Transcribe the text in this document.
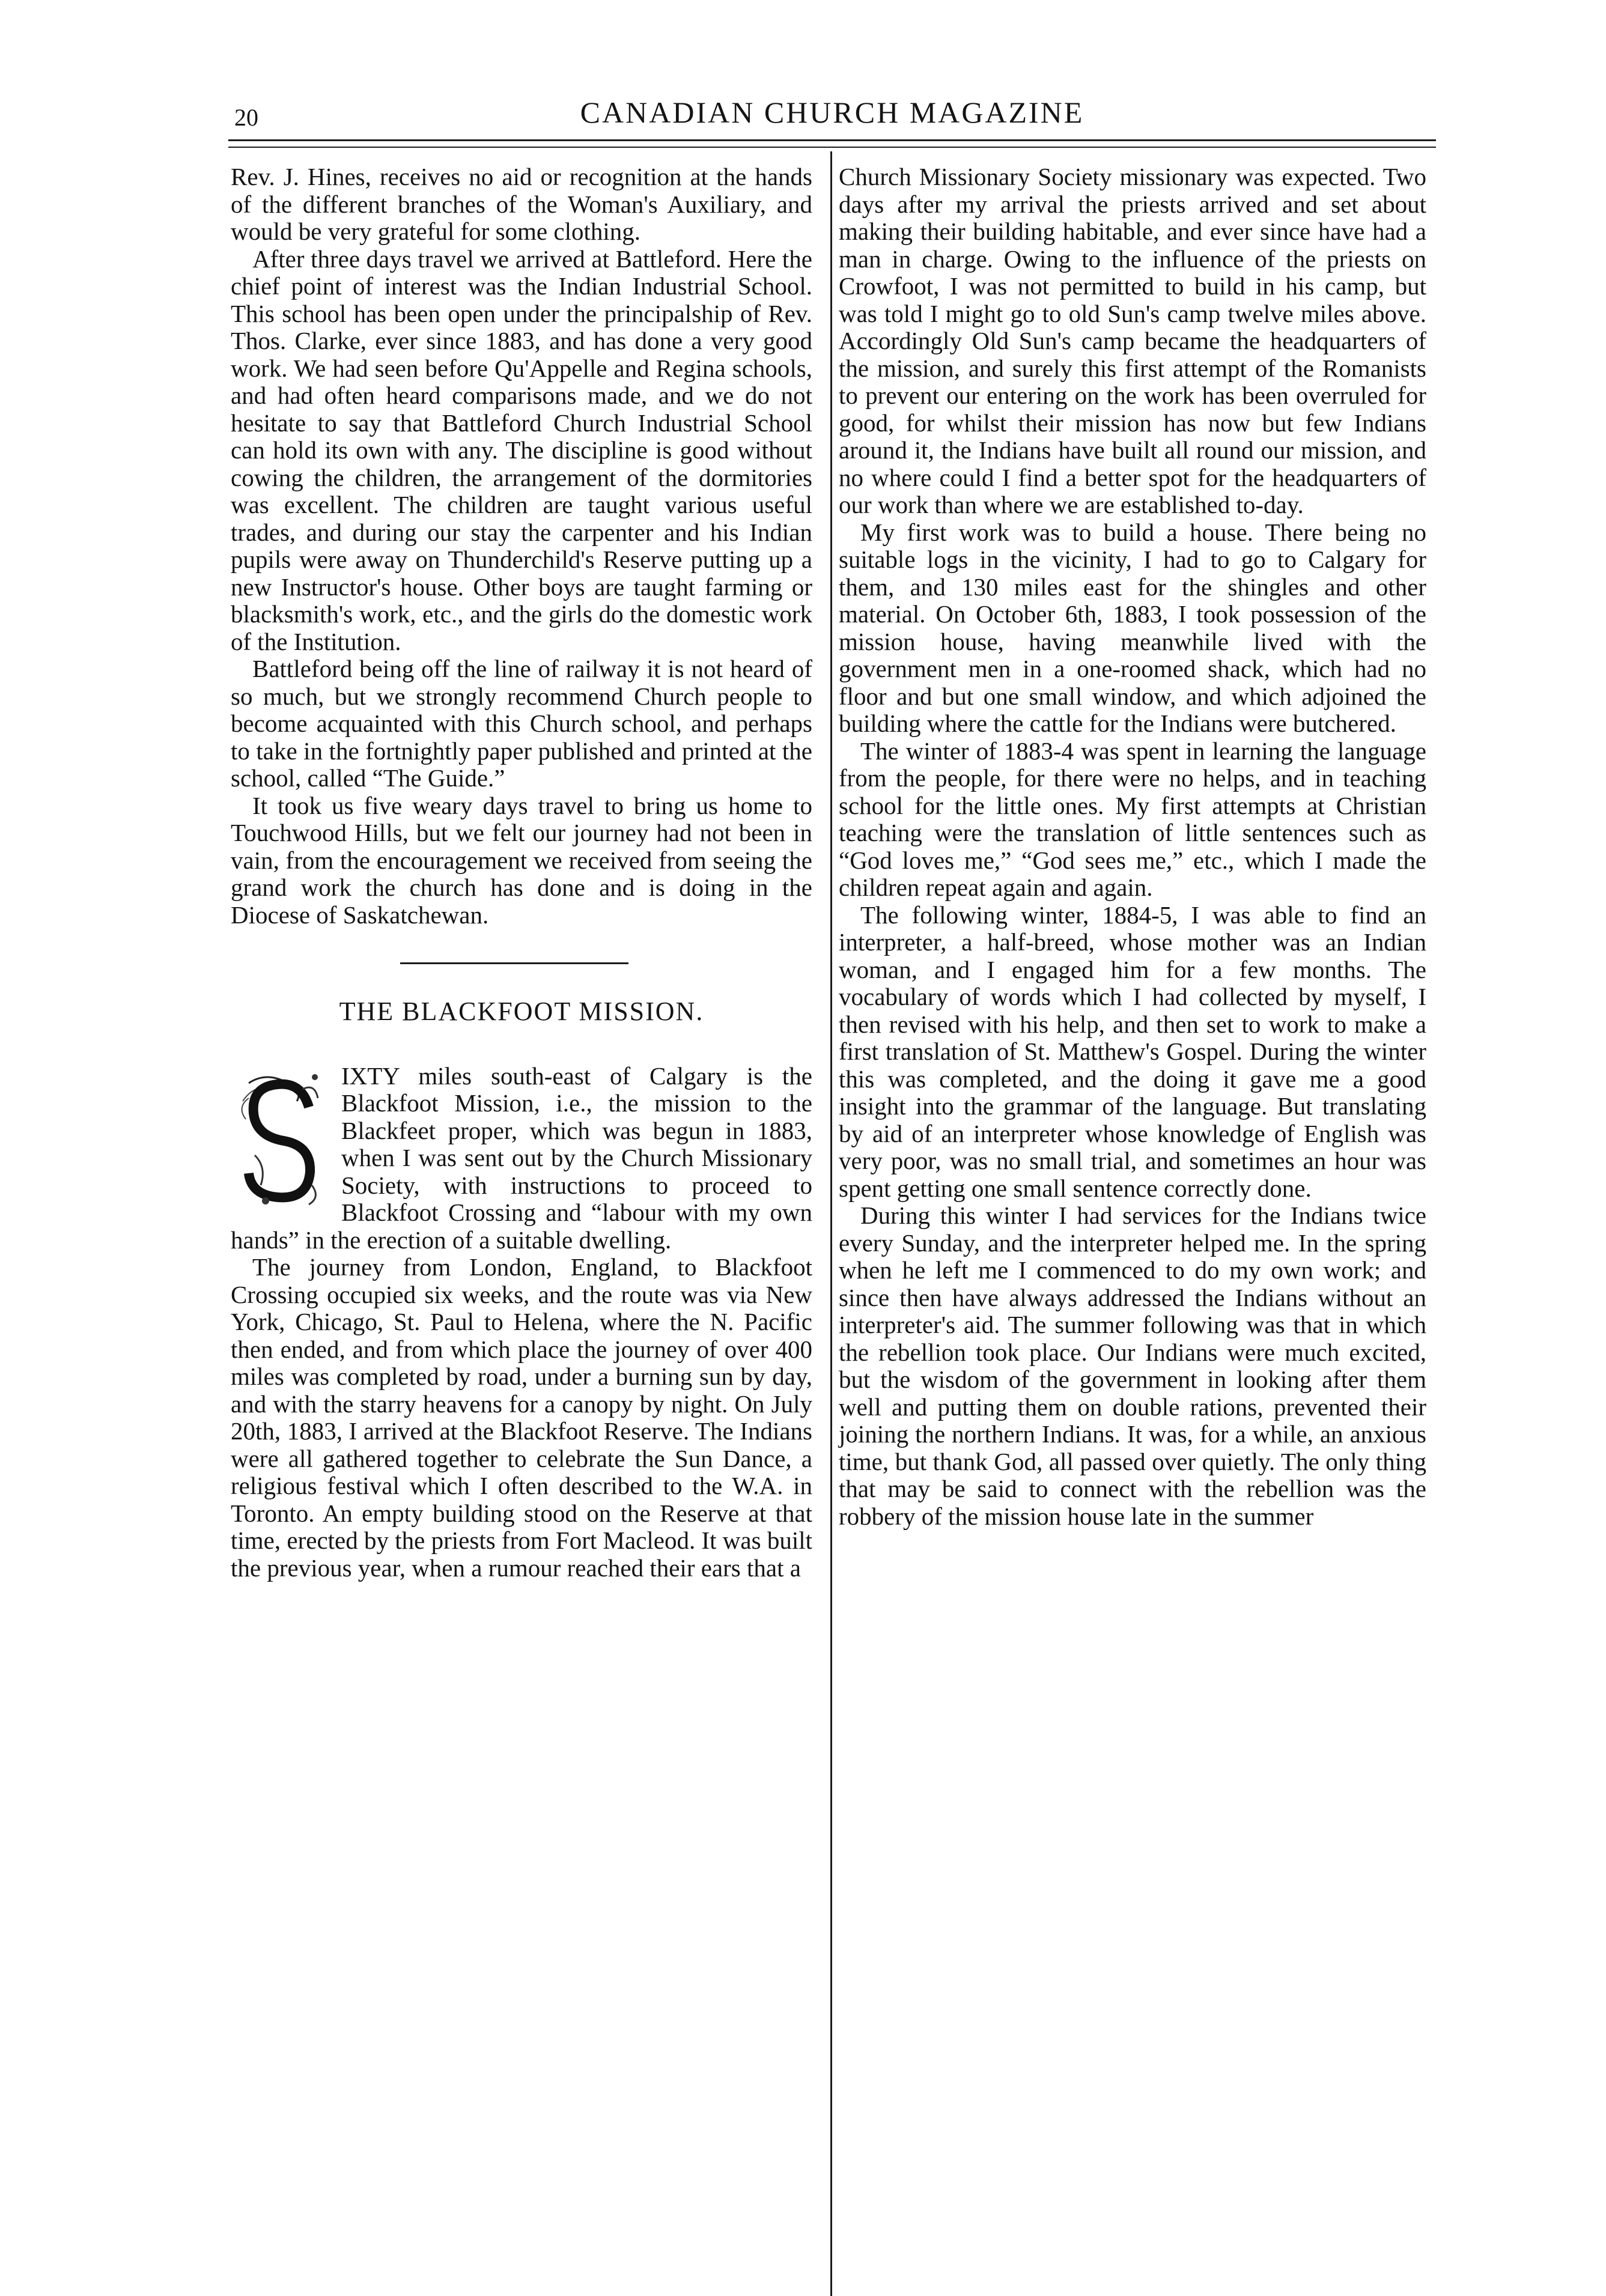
20	CANADIAN CHURCH MAGAZINE

Rev. J. Hines, receives no aid or recognition at the hands of the different branches of the Woman's Auxiliary, and would be very grateful for some clothing.

After three days travel we arrived at Battleford. Here the chief point of interest was the Indian Industrial School. This school has been open under the principalship of Rev. Thos. Clarke, ever since 1883, and has done a very good work. We had seen before Qu'Appelle and Regina schools, and had often heard comparisons made, and we do not hesitate to say that Battleford Church Industrial School can hold its own with any. The discipline is good without cowing the children, the arrangement of the dormitories was excellent. The children are taught various useful trades, and during our stay the carpenter and his Indian pupils were away on Thunderchild's Reserve putting up a new Instructor's house. Other boys are taught farming or blacksmith's work, etc., and the girls do the domestic work of the Institution.

Battleford being off the line of railway it is not heard of so much, but we strongly recommend Church people to become acquainted with this Church school, and perhaps to take in the fortnightly paper published and printed at the school, called “The Guide.”

It took us five weary days travel to bring us home to Touchwood Hills, but we felt our journey had not been in vain, from the encouragement we received from seeing the grand work the church has done and is doing in the Diocese of Saskatchewan.

THE BLACKFOOT MISSION.

IXTY miles south-east of Calgary is the Blackfoot Mission, i.e., the mission to the Blackfeet proper, which was begun in 1883, when I was sent out by the Church Missionary Society, with instructions to proceed to Blackfoot Crossing and “labour with my own hands” in the erection of a suitable dwelling.

The journey from London, England, to Blackfoot Crossing occupied six weeks, and the route was via New York, Chicago, St. Paul to Helena, where the N. Pacific then ended, and from which place the journey of over 400 miles was completed by road, under a burning sun by day, and with the starry heavens for a canopy by night. On July 20th, 1883, I arrived at the Blackfoot Reserve. The Indians were all gathered together to celebrate the Sun Dance, a religious festival which I often described to the W.A. in Toronto. An empty building stood on the Reserve at that time, erected by the priests from Fort Macleod. It was built the previous year, when a rumour reached their ears that a

Church Missionary Society missionary was expected. Two days after my arrival the priests arrived and set about making their building habitable, and ever since have had a man in charge. Owing to the influence of the priests on Crowfoot, I was not permitted to build in his camp, but was told I might go to old Sun's camp twelve miles above. Accordingly Old Sun's camp became the headquarters of the mission, and surely this first attempt of the Romanists to prevent our entering on the work has been overruled for good, for whilst their mission has now but few Indians around it, the Indians have built all round our mission, and no where could I find a better spot for the headquarters of our work than where we are established to-day.

My first work was to build a house. There being no suitable logs in the vicinity, I had to go to Calgary for them, and 130 miles east for the shingles and other material. On October 6th, 1883, I took possession of the mission house, having meanwhile lived with the government men in a one-roomed shack, which had no floor and but one small window, and which adjoined the building where the cattle for the Indians were butchered.

The winter of 1883-4 was spent in learning the language from the people, for there were no helps, and in teaching school for the little ones. My first attempts at Christian teaching were the translation of little sentences such as “God loves me,” “God sees me,” etc., which I made the children repeat again and again.

The following winter, 1884-5, I was able to find an interpreter, a half-breed, whose mother was an Indian woman, and I engaged him for a few months. The vocabulary of words which I had collected by myself, I then revised with his help, and then set to work to make a first translation of St. Matthew's Gospel. During the winter this was completed, and the doing it gave me a good insight into the grammar of the language. But translating by aid of an interpreter whose knowledge of English was very poor, was no small trial, and sometimes an hour was spent getting one small sentence correctly done.

During this winter I had services for the Indians twice every Sunday, and the interpreter helped me. In the spring when he left me I commenced to do my own work; and since then have always addressed the Indians without an interpreter's aid. The summer following was that in which the rebellion took place. Our Indians were much excited, but the wisdom of the government in looking after them well and putting them on double rations, prevented their joining the northern Indians. It was, for a while, an anxious time, but thank God, all passed over quietly. The only thing that may be said to connect with the rebellion was the robbery of the mission house late in the summer
